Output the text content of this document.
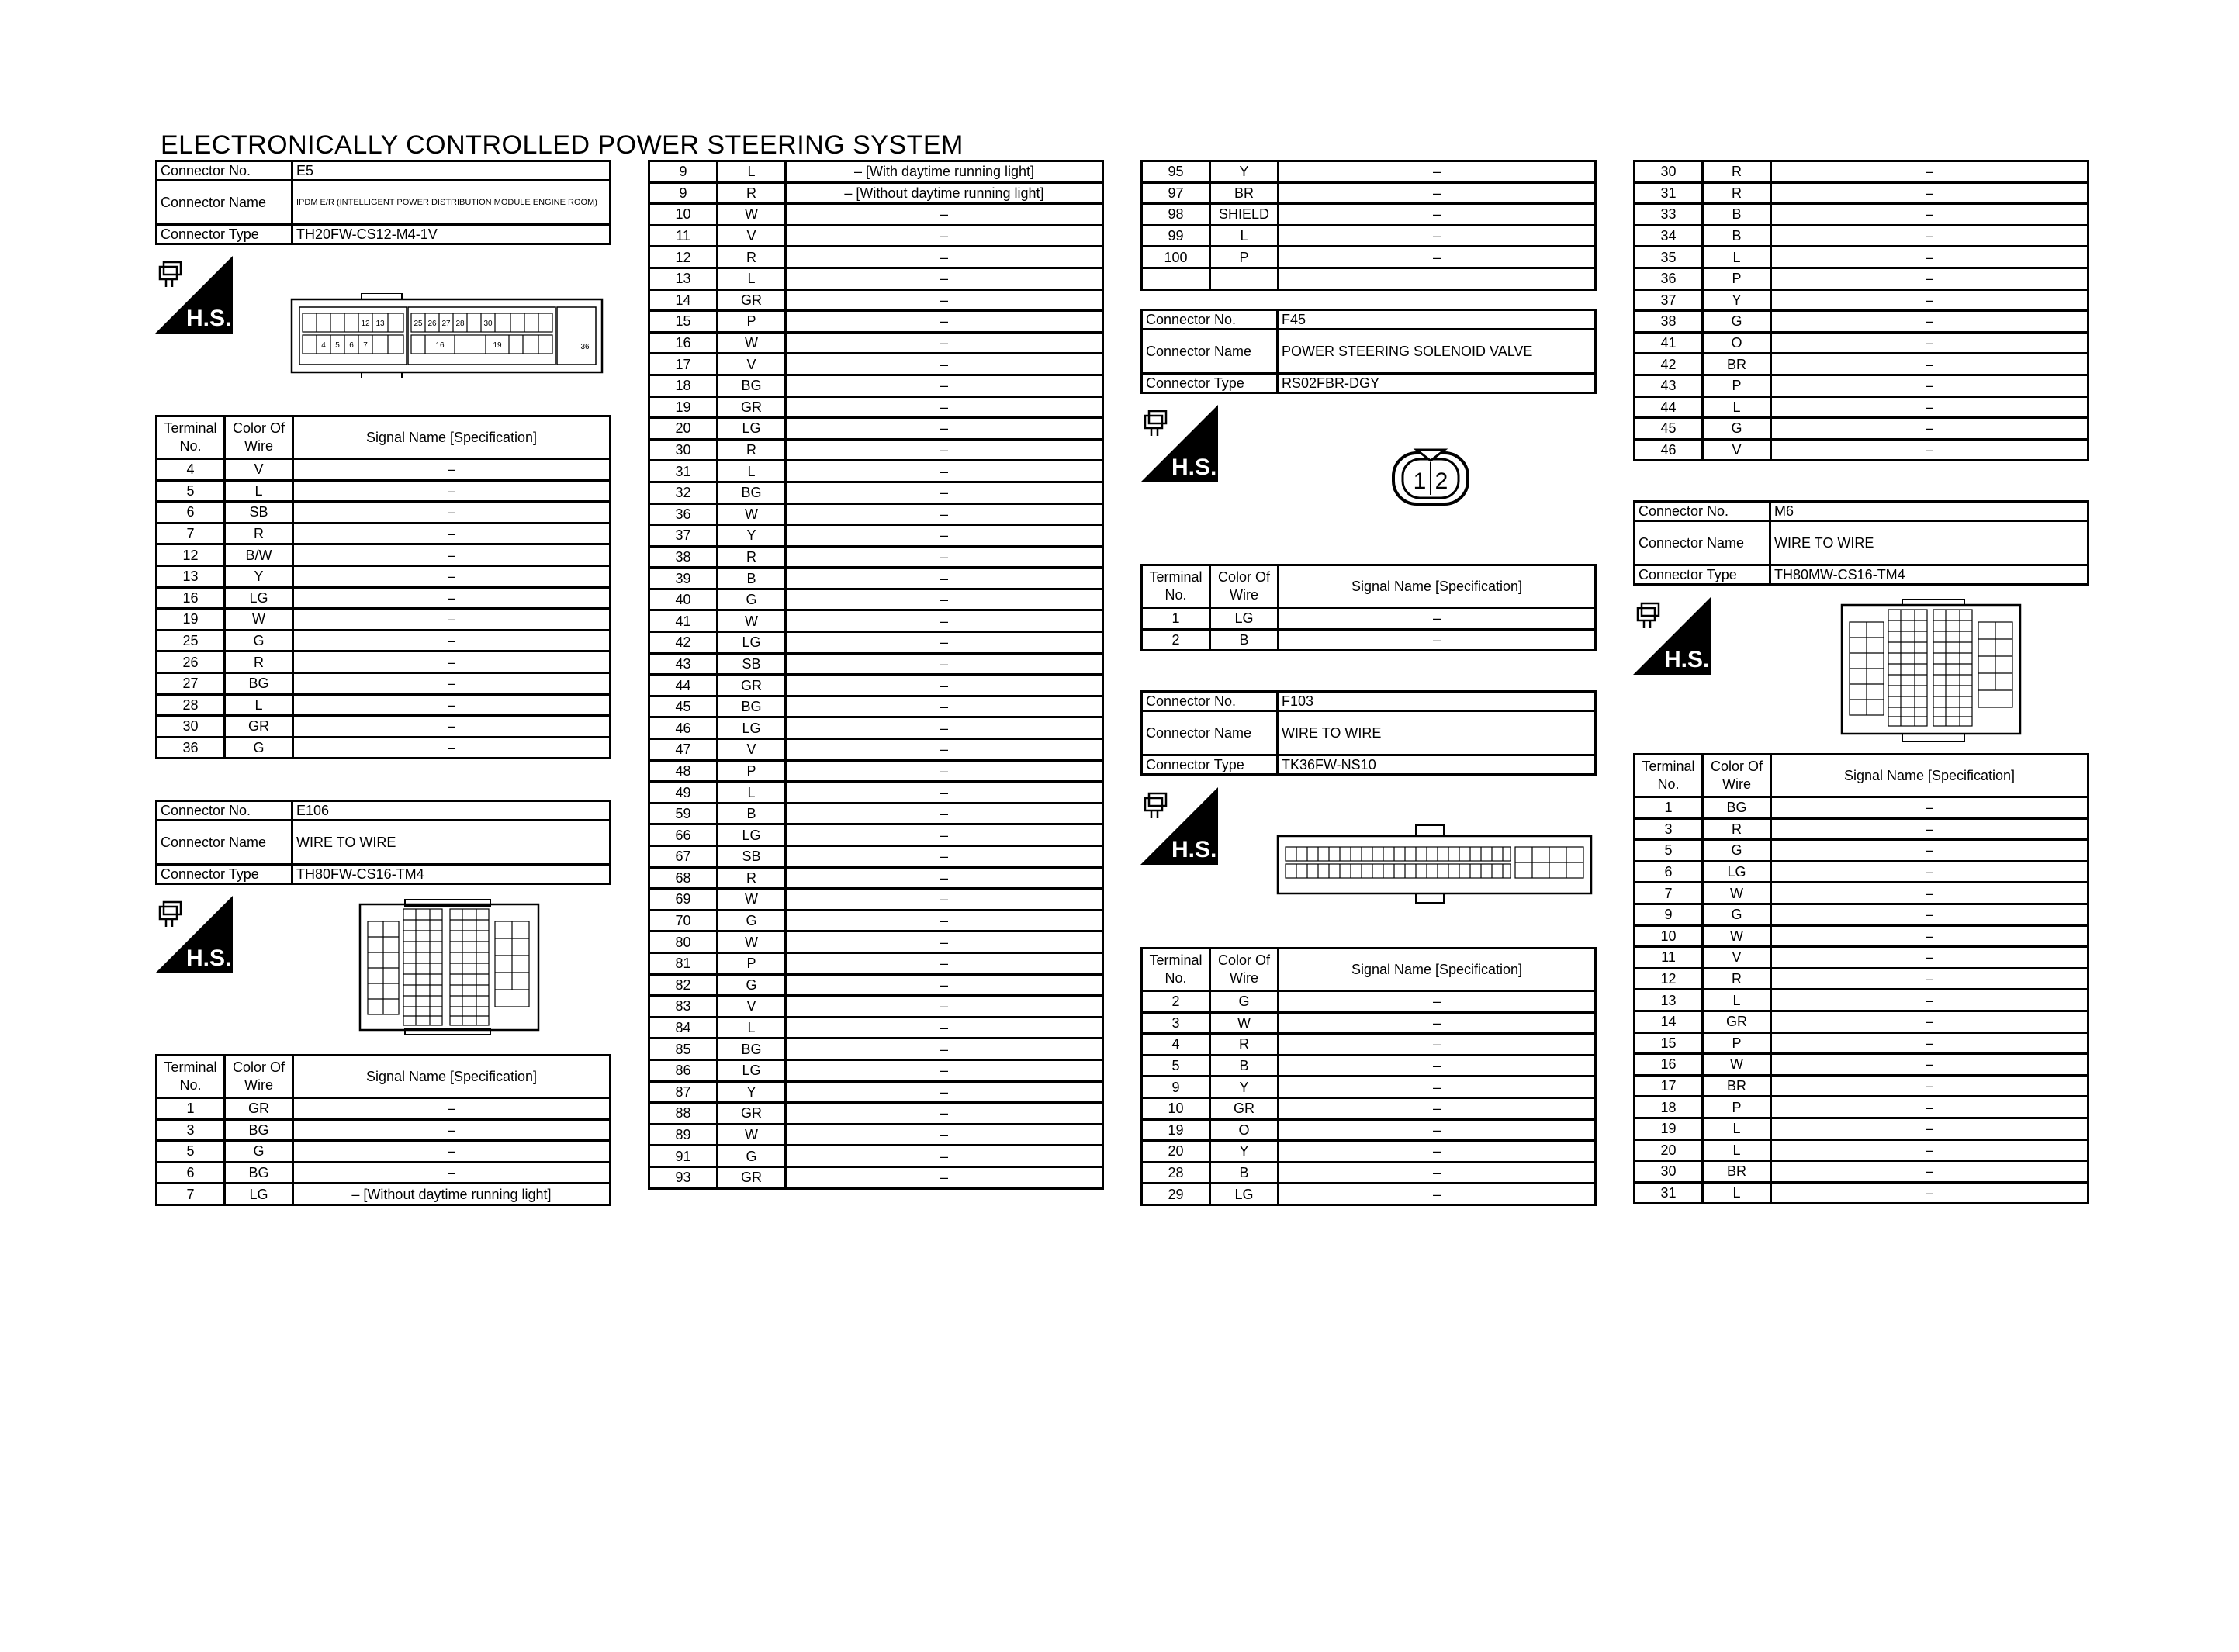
ELECTRONICALLY CONTROLLED POWER STEERING SYSTEM
Connector No.	E5
Connector Name	IPDM E/R (INTELLIGENT POWER DISTRIBUTION MODULE ENGINE ROOM)
Connector Type	TH20FW-CS12-M4-1V
H.S.	12 13	25 26 27 28 30
4 5 6 7	16	19	36
Terminal No.	Color Of Wire	Signal Name [Specification]
4	V	–
5	L	–
6	SB	–
7	R	–
12	B/W	–
13	Y	–
16	LG	–
19	W	–
25	G	–
26	R	–
27	BG	–
28	L	–
30	GR	–
36	G	–
Connector No.	E106
Connector Name	WIRE TO WIRE
Connector Type	TH80FW-CS16-TM4
H.S.
Terminal No.	Color Of Wire	Signal Name [Specification]
1	GR	–
3	BG	–
5	G	–
6	BG	–
7	LG	– [Without daytime running light]
9	L	– [With daytime running light]
9	R	– [Without daytime running light]
10	W	–
11	V	–
12	R	–
13	L	–
14	GR	–
15	P	–
16	W	–
17	V	–
18	BG	–
19	GR	–
20	LG	–
30	R	–
31	L	–
32	BG	–
36	W	–
37	Y	–
38	R	–
39	B	–
40	G	–
41	W	–
42	LG	–
43	SB	–
44	GR	–
45	BG	–
46	LG	–
47	V	–
48	P	–
49	L	–
59	B	–
66	LG	–
67	SB	–
68	R	–
69	W	–
70	G	–
80	W	–
81	P	–
82	G	–
83	V	–
84	L	–
85	BG	–
86	LG	–
87	Y	–
88	GR	–
89	W	–
91	G	–
93	GR	–
95	Y	–
97	BR	–
98	SHIELD	–
99	L	–
100	P	–

Connector No.	F45
Connector Name	POWER STEERING SOLENOID VALVE
Connector Type	RS02FBR-DGY
H.S.
1 2
Terminal No.	Color Of Wire	Signal Name [Specification]
1	LG	–
2	B	–
Connector No.	F103
Connector Name	WIRE TO WIRE
Connector Type	TK36FW-NS10
H.S.
Terminal No.	Color Of Wire	Signal Name [Specification]
2	G	–
3	W	–
4	R	–
5	B	–
9	Y	–
10	GR	–
19	O	–
20	Y	–
28	B	–
29	LG	–
30	R	–
31	R	–
33	B	–
34	B	–
35	L	–
36	P	–
37	Y	–
38	G	–
41	O	–
42	BR	–
43	P	–
44	L	–
45	G	–
46	V	–
Connector No.	M6
Connector Name	WIRE TO WIRE
Connector Type	TH80MW-CS16-TM4
H.S.
Terminal No.	Color Of Wire	Signal Name [Specification]
1	BG	–
3	R	–
5	G	–
6	LG	–
7	W	–
9	G	–
10	W	–
11	V	–
12	R	–
13	L	–
14	GR	–
15	P	–
16	W	–
17	BR	–
18	P	–
19	L	–
20	L	–
30	BR	–
31	L	–
